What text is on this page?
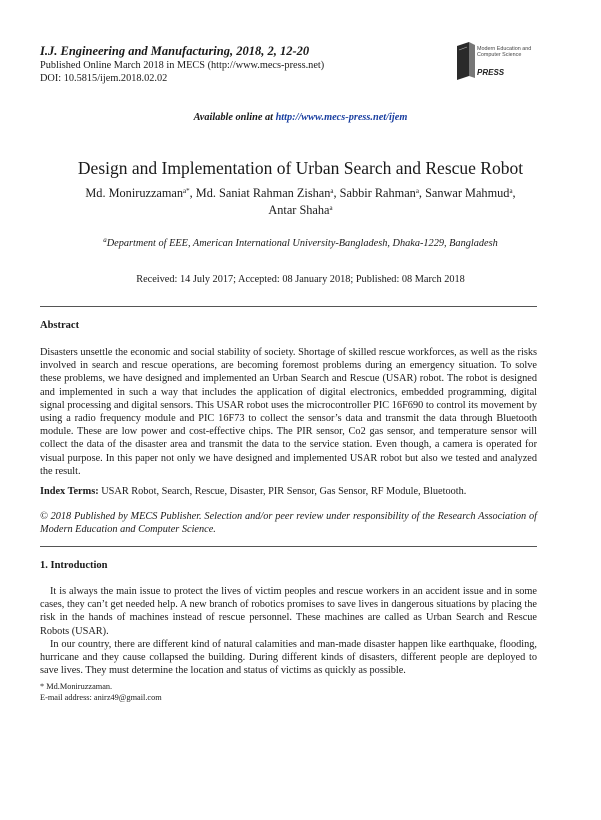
I.J. Engineering and Manufacturing, 2018, 2, 12-20
Published Online March 2018 in MECS (http://www.mecs-press.net)
DOI: 10.5815/ijem.2018.02.02
Modern Education and Computer Science
PRESS
Available online at http://www.mecs-press.net/ijem
Design and Implementation of Urban Search and Rescue Robot
Md. Moniruzzaman$^{a*}$, Md. Saniat Rahman Zishan$^a$, Sabbir Rahman$^a$, Sanwar Mahmud$^a$,
Antar Shaha$^a$
$^a$Department of EEE, American International University-Bangladesh, Dhaka-1229, Bangladesh
Received: 14 July 2017; Accepted: 08 January 2018; Published: 08 March 2018
Abstract

Disasters unsettle the economic and social stability of society. Shortage of skilled rescue workforces, as well as the risks involved in search and rescue operations, are becoming foremost problems during an emergency situation. To solve these problems, we have designed and implemented an Urban Search and Rescue (USAR) robot. The robot is designed and implemented in such a way that includes the application of digital electronics, embedded programming, digital signal processing and digital sensors. This USAR robot uses the microcontroller PIC 16F690 to control its movement by using a radio frequency module and PIC 16F73 to collect the sensor’s data and transmit the data through Bluetooth module. These are low power and cost-effective chips. The PIR sensor, Co2 gas sensor, and temperature sensor will collect the data of the disaster area and transmit the data to the service station. Even though, a camera is operated for visual purpose. In this paper not only we have designed and implemented USAR robot but also we tested and analyzed the result.

Index Terms: USAR Robot, Search, Rescue, Disaster, PIR Sensor, Gas Sensor, RF Module, Bluetooth.

© 2018 Published by MECS Publisher. Selection and/or peer review under responsibility of the Research Association of Modern Education and Computer Science.

1. Introduction

It is always the main issue to protect the lives of victim peoples and rescue workers in an accident issue and in some cases, they can’t get needed help. A new branch of robotics promises to save lives in dangerous situations by placing the risk in the hands of machines instead of rescue personnel. These machines are called as Urban Search and Rescue Robots (USAR).

In our country, there are different kind of natural calamities and man-made disaster happen like earthquake, flooding, hurricane and they cause collapsed the building. During different kinds of disasters, different people are deployed to save lives. They must determine the location and status of victims as quickly as possible.

* Md.Moniruzzaman.
E-mail address: anirz49@gmail.com
